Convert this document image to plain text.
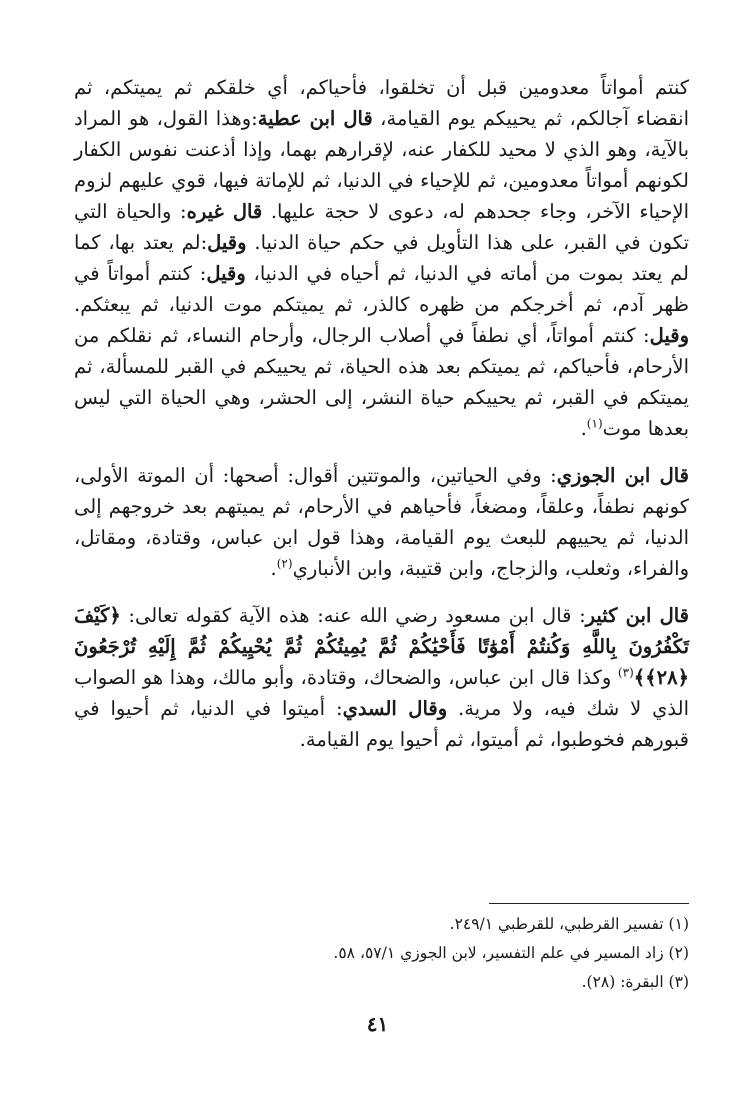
كنتم أمواتاً معدومين قبل أن تخلقوا، فأحياكم، أي خلقكم ثم يميتكم، ثم انقضاء آجالكم، ثم يحييكم يوم القيامة، قال ابن عطية:وهذا القول، هو المراد بالآية، وهو الذي لا محيد للكفار عنه، لإقرارهم بهما، وإذا أذعنت نفوس الكفار لكونهم أمواتاً معدومين، ثم للإحياء في الدنيا، ثم للإماتة فيها، قوي عليهم لزوم الإحياء الآخر، وجاء جحدهم له، دعوى لا حجة عليها. قال غيره: والحياة التي تكون في القبر، على هذا التأويل في حكم حياة الدنيا. وقيل:لم يعتد بها، كما لم يعتد بموت من أماته في الدنيا، ثم أحياه في الدنيا، وقيل: كنتم أمواتاً في ظهر آدم، ثم أخرجكم من ظهره كالذر، ثم يميتكم موت الدنيا، ثم يبعثكم. وقيل: كنتم أمواتاً، أي نطفاً في أصلاب الرجال، وأرحام النساء، ثم نقلكم من الأرحام، فأحياكم، ثم يميتكم بعد هذه الحياة، ثم يحييكم في القبر للمسألة، ثم يميتكم في القبر، ثم يحييكم حياة النشر، إلى الحشر، وهي الحياة التي ليس بعدها موت$^{(١)}$.

قال ابن الجوزي: وفي الحياتين، والموتتين أقوال: أصحها: أن الموتة الأولى، كونهم نطفاً، وعلقاً، ومضغاً، فأحياهم في الأرحام، ثم يميتهم بعد خروجهم إلى الدنيا، ثم يحييهم للبعث يوم القيامة، وهذا قول ابن عباس، وقتادة، ومقاتل، والفراء، وثعلب، والزجاج، وابن قتيبة، وابن الأنباري$^{(٢)}$.

قال ابن كثير: قال ابن مسعود رضي الله عنه: هذه الآية كقوله تعالى: ﴿كَيْفَ تَكْفُرُونَ بِاللَّهِ وَكُنتُمْ أَمْوَٰتًا فَأَحْيَٰكُمْ ثُمَّ يُمِيتُكُمْ ثُمَّ يُحْيِيكُمْ ثُمَّ إِلَيْهِ تُرْجَعُونَ ﴿٢٨﴾﴾$^{(٣)}$ وكذا قال ابن عباس، والضحاك، وقتادة، وأبو مالك، وهذا هو الصواب الذي لا شك فيه، ولا مرية. وقال السدي: أميتوا في الدنيا، ثم أحيوا في قبورهم فخوطبوا، ثم أميتوا، ثم أحيوا يوم القيامة.

(١) تفسير القرطبي، للقرطبي ٢٤٩/١.

(٢) زاد المسير في علم التفسير، لابن الجوزي ٥٧/١، ٥٨.

(٣) البقرة: (٢٨).

٤١
